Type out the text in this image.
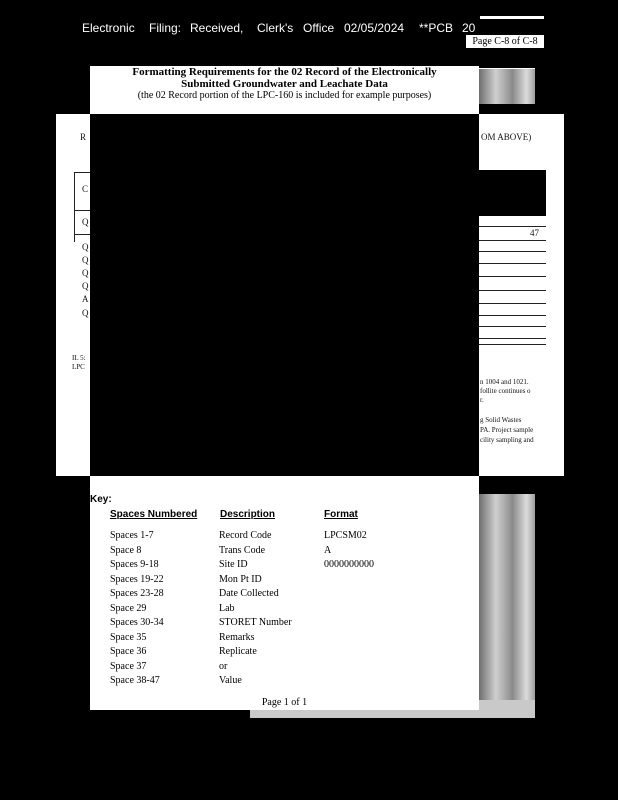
Electronic Filing: Received, Clerk's Office 02/05/2024 **PCB 20
Page C-8 of C-8
R
C
Q
Q
Q
Q
Q
A
Q
IL 5:
LPC
OM ABOVE)
47
n 1004 and 1021.
follite continues o
r.
g Solid Wastes
PA. Project sample
cility sampling and
Formatting Requirements for the 02 Record of the Electronically
Submitted Groundwater and Leachate Data
(the 02 Record portion of the LPC-160 is included for example purposes)
Key:
Spaces Numbered Description	Format
Spaces 1-7	Record Code	LPCSM02
Space 8	Trans Code	A
Spaces 9-18	Site ID	0000000000
Spaces 19-22	Mon Pt ID
Spaces 23-28	Date Collected
Space 29	Lab
Spaces 30-34	STORET Number
Space 35	Remarks
Space 36	Replicate
Space 37	or
Space 38-47	Value
Page 1 of 1
